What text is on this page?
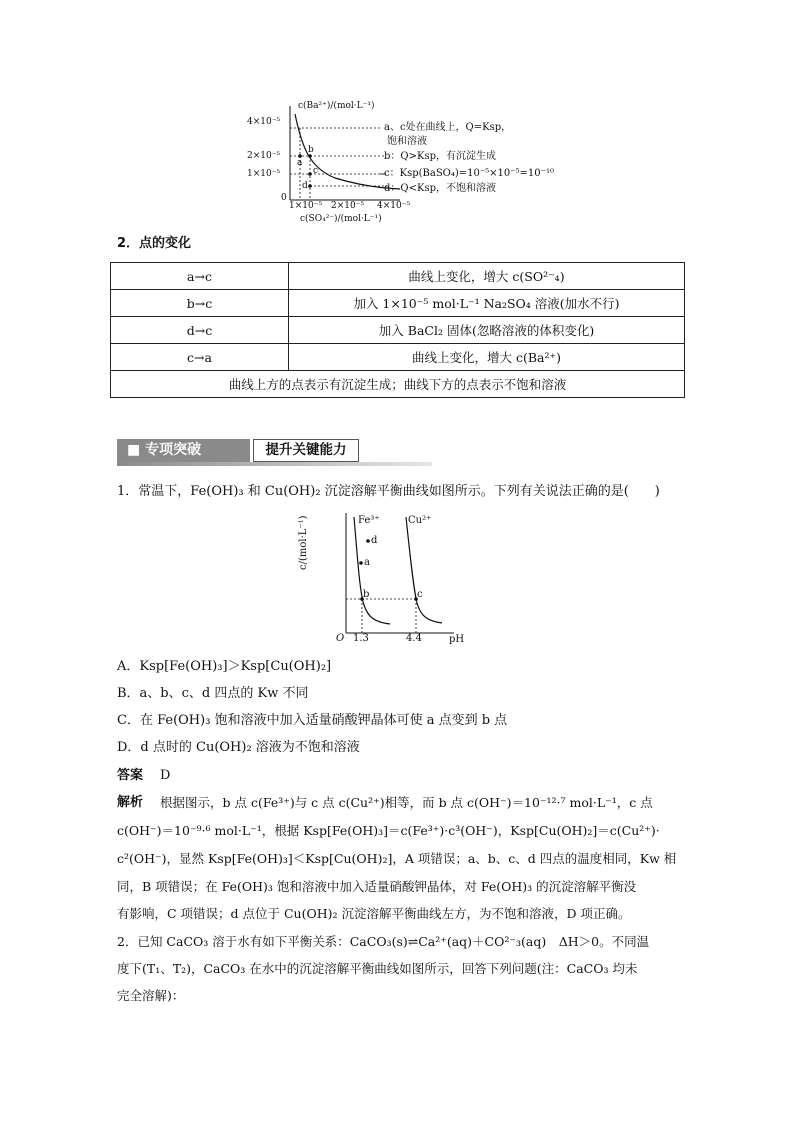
c(Ba²⁺)/(mol·L⁻¹)
4×10⁻⁵
2×10⁻⁵
1×10⁻⁵
0
a
b
c
d
1×10⁻⁵ 2×10⁻⁵ 4×10⁻⁵
c(SO₄²⁻)/(mol·L⁻¹)
a、c处在曲线上，Q=Ksp，
饱和溶液
b：Q>Ksp，有沉淀生成
c：Ksp(BaSO₄)=10⁻⁵×10⁻⁵=10⁻¹⁰
d：Q<Ksp，不饱和溶液
2．点的变化
a→c	曲线上变化，增大 c(SO²⁻₄)
b→c	加入 1×10⁻⁵ mol·L⁻¹ Na₂SO₄ 溶液(加水不行)
d→c	加入 BaCl₂ 固体(忽略溶液的体积变化)
c→a	曲线上变化，增大 c(Ba²⁺)
曲线上方的点表示有沉淀生成；曲线下方的点表示不饱和溶液	
■ 专项突破	提升关键能力
1．常温下，Fe(OH)₃ 和 Cu(OH)₂ 沉淀溶解平衡曲线如图所示。下列有关说法正确的是(　　)
c/(mol·L⁻¹)	Fe³⁺	Cu²⁺
d
a
b	c
O 1.3	4.4	pH
A．Ksp[Fe(OH)₃]＞Ksp[Cu(OH)₂]
B．a、b、c、d 四点的 Kw 不同
C．在 Fe(OH)₃ 饱和溶液中加入适量硝酸钾晶体可使 a 点变到 b 点
D．d 点时的 Cu(OH)₂ 溶液为不饱和溶液
答案 D
解析 根据图示，b 点 c(Fe³⁺)与 c 点 c(Cu²⁺)相等，而 b 点 c(OH⁻)＝10⁻¹²·⁷ mol·L⁻¹，c 点
c(OH⁻)＝10⁻⁹·⁶ mol·L⁻¹，根据 Ksp[Fe(OH)₃]＝c(Fe³⁺)·c³(OH⁻)，Ksp[Cu(OH)₂]＝c(Cu²⁺)·
c²(OH⁻)，显然 Ksp[Fe(OH)₃]＜Ksp[Cu(OH)₂]，A 项错误；a、b、c、d 四点的温度相同，Kw 相
同，B 项错误；在 Fe(OH)₃ 饱和溶液中加入适量硝酸钾晶体，对 Fe(OH)₃ 的沉淀溶解平衡没
有影响，C 项错误；d 点位于 Cu(OH)₂ 沉淀溶解平衡曲线左方，为不饱和溶液，D 项正确。
2．已知 CaCO₃ 溶于水有如下平衡关系：CaCO₃(s)⇌Ca²⁺(aq)＋CO²⁻₃(aq)　ΔH＞0。不同温
度下(T₁、T₂)，CaCO₃ 在水中的沉淀溶解平衡曲线如图所示，回答下列问题(注：CaCO₃ 均未
完全溶解)：
